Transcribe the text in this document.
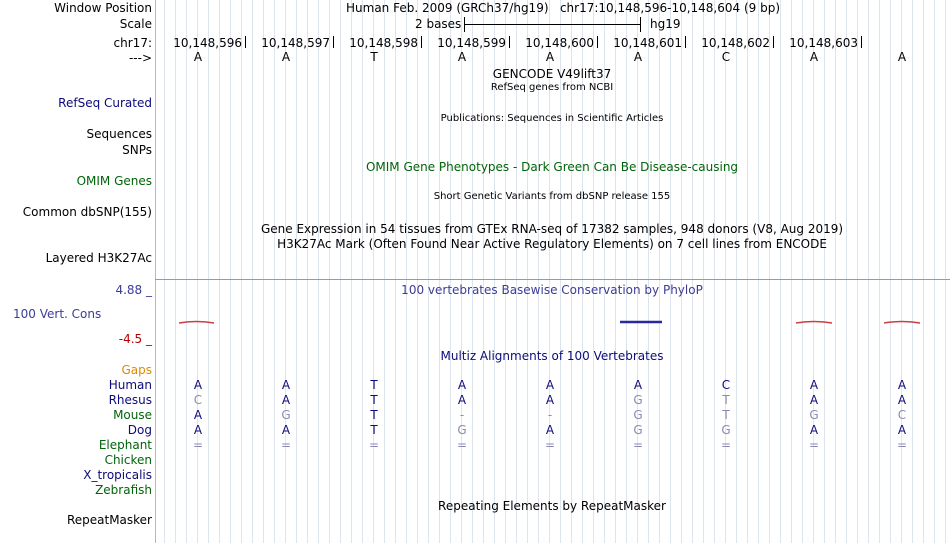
Window Position	Human Feb. 2009 (GRCh37/hg19)   chr17:10,148,596-10,148,604 (9 bp)
Scale	2 bases	hg19
chr17: 10,148,596 10,148,597 10,148,598 10,148,599 10,148,600 10,148,601 10,148,602 10,148,603
--->	A	A	T	A	A	A	C	A	A
GENCODE V49lift37
RefSeq genes from NCBI
RefSeq Curated
Publications: Sequences in Scientific Articles
Sequences
SNPs
OMIM Gene Phenotypes - Dark Green Can Be Disease-causing
OMIM Genes
Short Genetic Variants from dbSNP release 155
Common dbSNP(155)
Gene Expression in 54 tissues from GTEx RNA-seq of 17382 samples, 948 donors (V8, Aug 2019)
H3K27Ac Mark (Often Found Near Active Regulatory Elements) on 7 cell lines from ENCODE
Layered H3K27Ac
100 vertebrates Basewise Conservation by PhyloP
4.88 _
100 Vert. Cons
-4.5 _
Multiz Alignments of 100 Vertebrates
Gaps
Human	A	A	T	A	A	A	C	A	A
Rhesus	C	A	T	A	A	G	T	A	A
Mouse	A	G	T	-	-	G	T	G	C
Dog	A	A	T	G	A	G	G	A	A
Elephant	=	=	=	=	=	=	=	=	=
Chicken
X_tropicalis
Zebrafish
Repeating Elements by RepeatMasker
RepeatMasker
